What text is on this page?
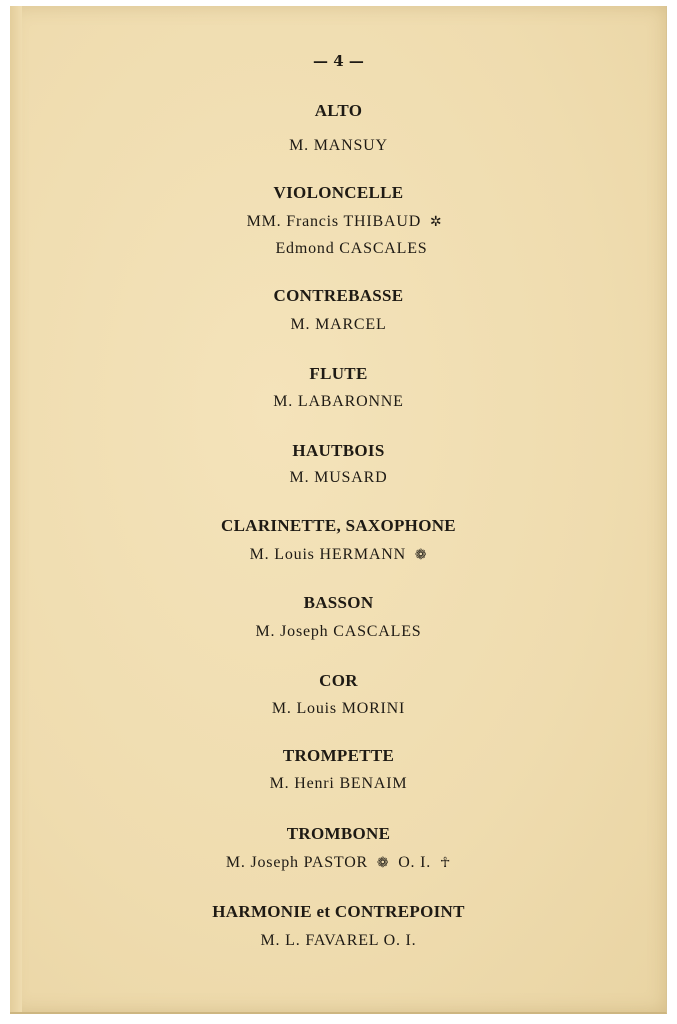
— 4 —
ALTO
M. MANSUY
VIOLONCELLE
MM. Francis THIBAUD ✲
Edmond CASCALES
CONTREBASSE
M. MARCEL
FLUTE
M. LABARONNE
HAUTBOIS
M. MUSARD
CLARINETTE, SAXOPHONE
M. Louis HERMANN ❁
BASSON
M. Joseph CASCALES
COR
M. Louis MORINI
TROMPETTE
M. Henri BENAIM
TROMBONE
M. Joseph PASTOR ❁ O. I. ☥
HARMONIE et CONTREPOINT
M. L. FAVAREL O. I.
